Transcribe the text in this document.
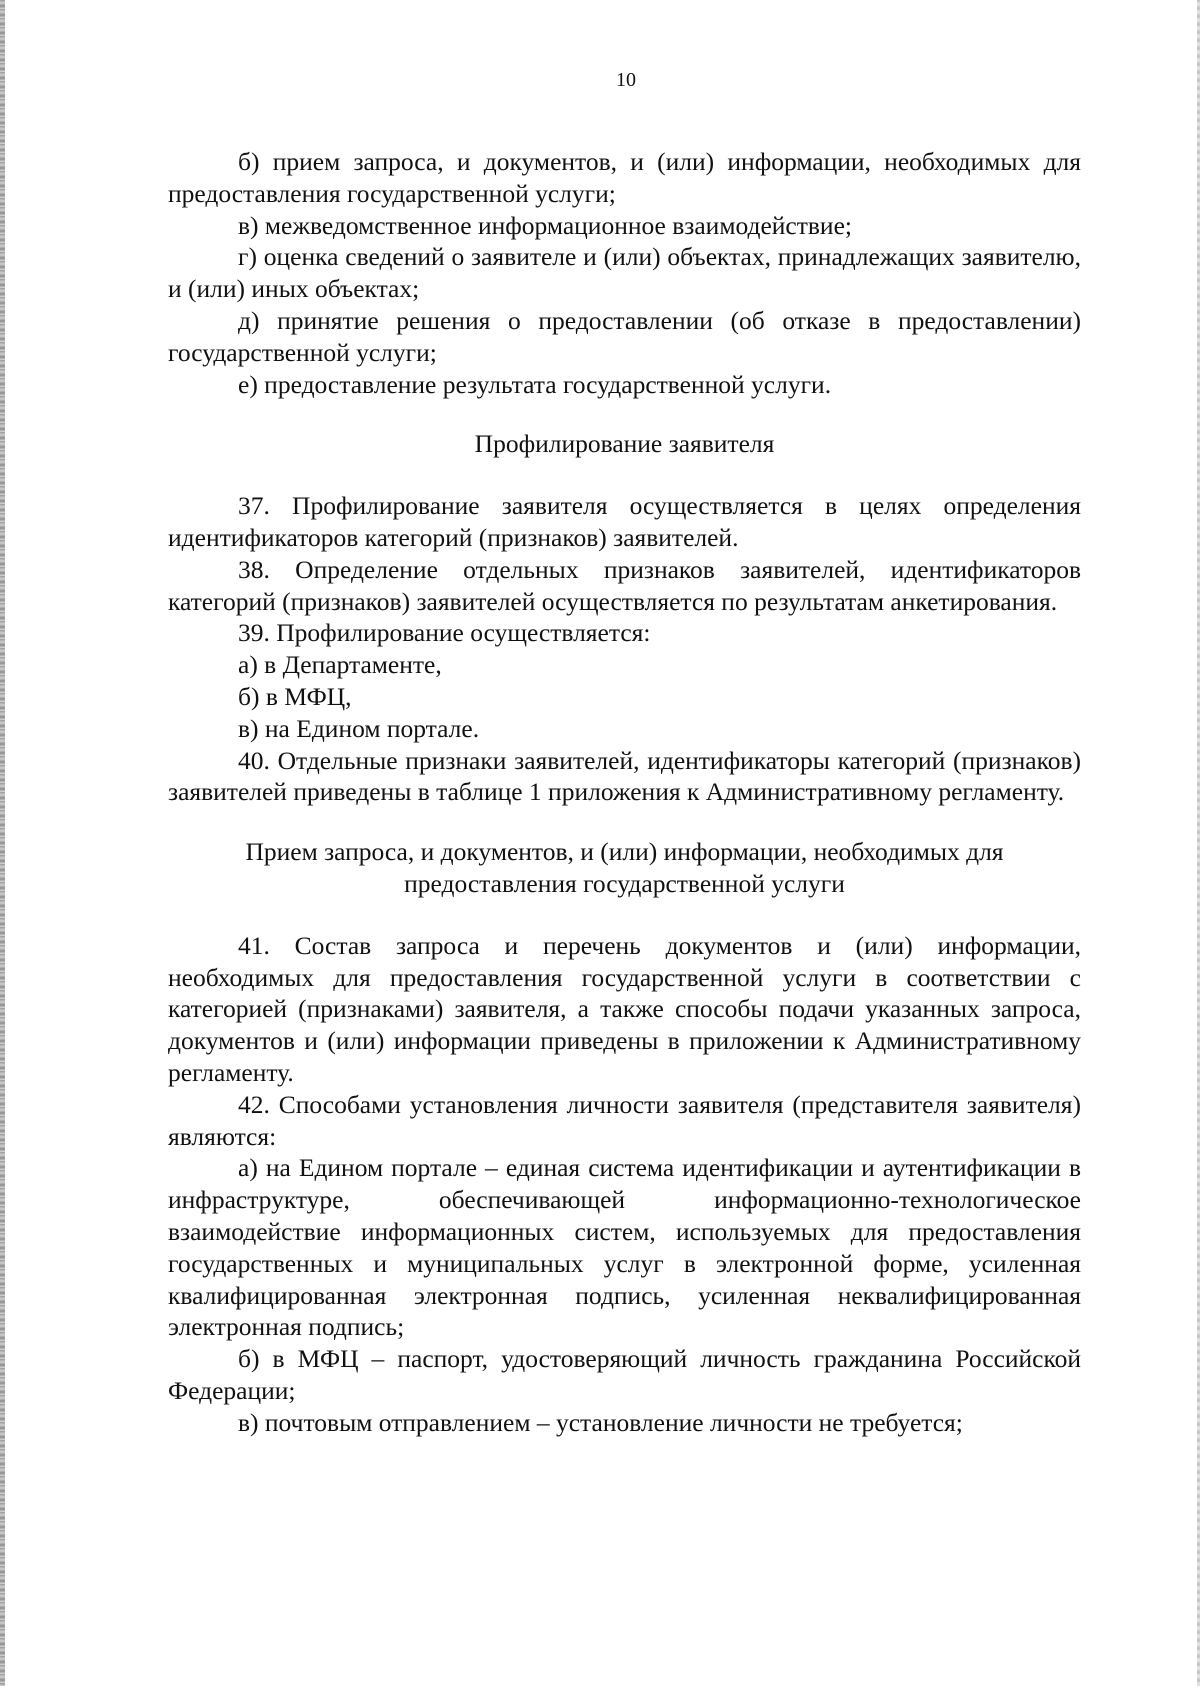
10

б) прием запроса, и документов, и (или) информации, необходимых для предоставления государственной услуги;

в) межведомственное информационное взаимодействие;

г) оценка сведений о заявителе и (или) объектах, принадлежащих заявителю, и (или) иных объектах;

д) принятие решения о предоставлении (об отказе в предоставлении) государственной услуги;

е) предоставление результата государственной услуги.

Профилирование заявителя

37. Профилирование заявителя осуществляется в целях определения идентификаторов категорий (признаков) заявителей.

38. Определение отдельных признаков заявителей, идентификаторов категорий (признаков) заявителей осуществляется по результатам анкетирования.

39. Профилирование осуществляется:

а) в Департаменте,

б) в МФЦ,

в) на Едином портале.

40. Отдельные признаки заявителей, идентификаторы категорий (признаков) заявителей приведены в таблице 1 приложения к Административному регламенту.

Прием запроса, и документов, и (или) информации, необходимых для

предоставления государственной услуги

41. Состав запроса и перечень документов и (или) информации, необходимых для предоставления государственной услуги в соответствии с категорией (признаками) заявителя, а также способы подачи указанных запроса, документов и (или) информации приведены в приложении к Административному регламенту.

42. Способами установления личности заявителя (представителя заявителя) являются:

а) на Едином портале – единая система идентификации и аутентификации в инфраструктуре, обеспечивающей информационно-технологическое взаимодействие информационных систем, используемых для предоставления государственных и муниципальных услуг в электронной форме, усиленная квалифицированная электронная подпись, усиленная неквалифицированная электронная подпись;

б) в МФЦ – паспорт, удостоверяющий личность гражданина Российской Федерации;

в) почтовым отправлением – установление личности не требуется;
